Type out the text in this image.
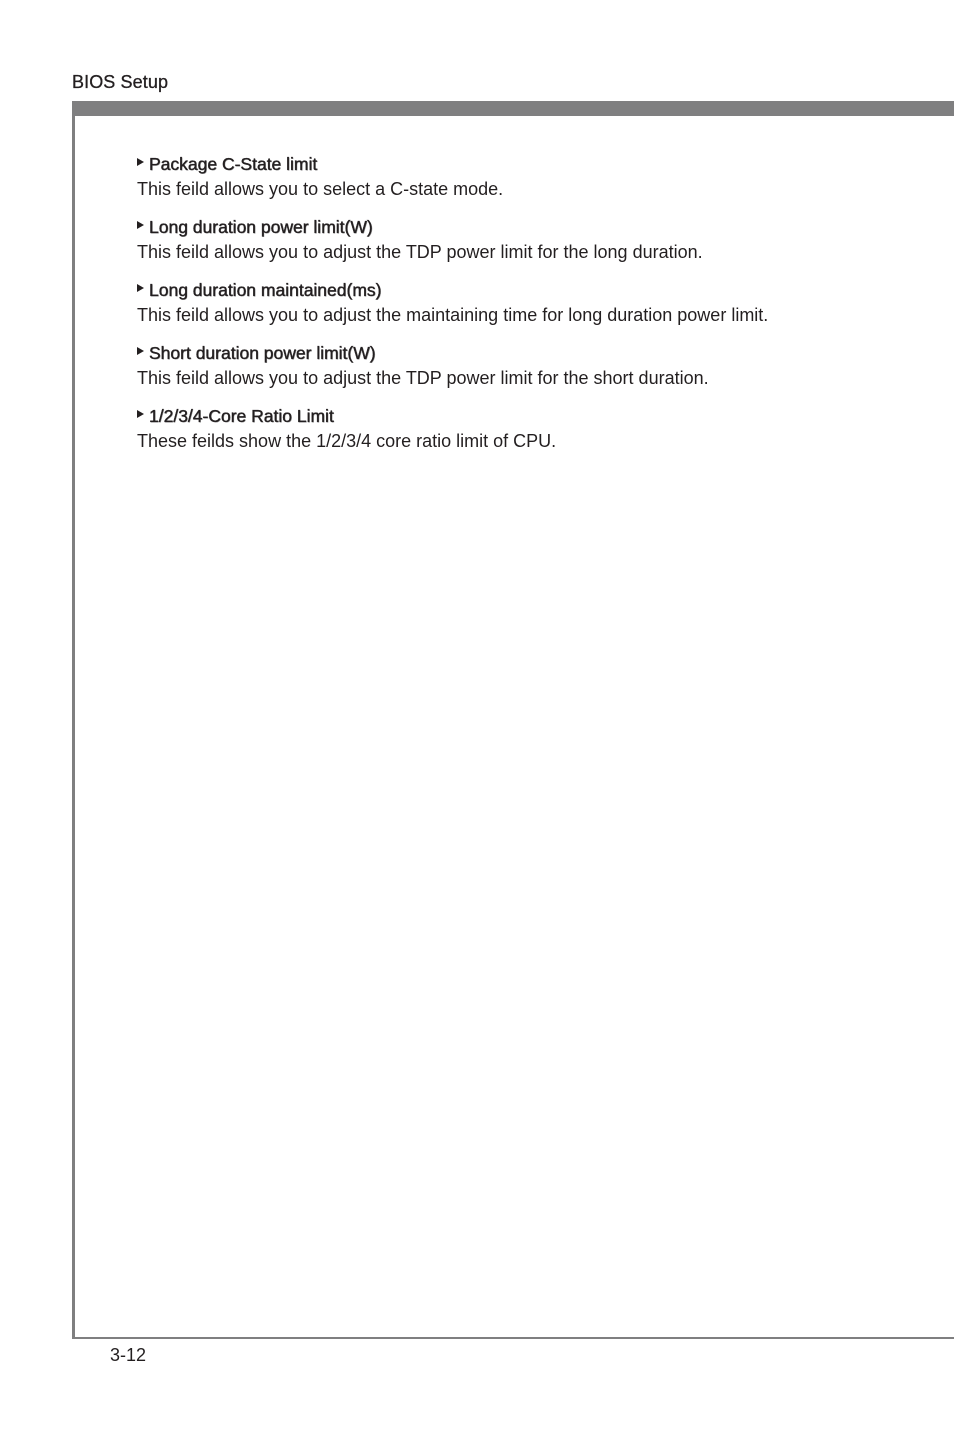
BIOS Setup
Package C-State limit
This feild allows you to select a C-state mode.
Long duration power limit(W)
This feild allows you to adjust the TDP power limit for the long duration.
Long duration maintained(ms)
This feild allows you to adjust the maintaining time for long duration power limit.
Short duration power limit(W)
This feild allows you to adjust the TDP power limit for the short duration.
1/2/3/4-Core Ratio Limit
These feilds show the 1/2/3/4 core ratio limit of CPU.
3-12
